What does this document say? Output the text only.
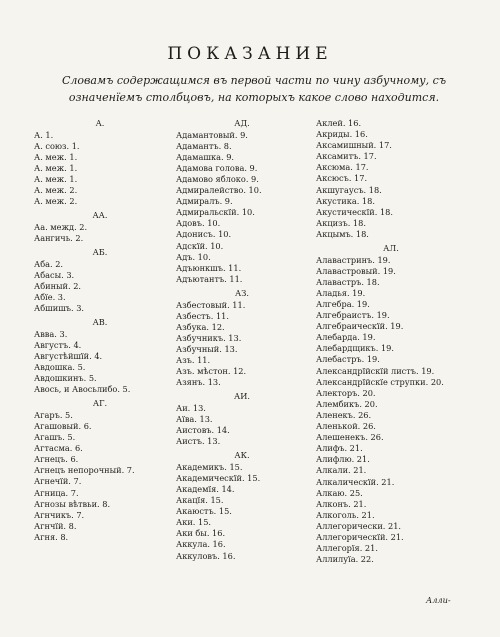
ПОКАЗАНИЕ
Словамъ содержащимся въ первой части по чину азбучному, съ означенїемъ столбцовъ, на которыхъ какое слово находится.
А.
А. 1.
А. союз. 1.
А. меж. 1.
А. меж. 1.
А. меж. 1.
А. меж. 2.
А. меж. 2.
АА.
Аа. межд. 2.
Аангичь. 2.
АБ.
Аба. 2.
Абасы. 3.
Абиный. 2.
Абїе. 3.
Абшишъ. 3.
АВ.
Авва. 3.
Августъ. 4.
Августѣйшїй. 4.
Авдошка. 5.
Авдошкинъ. 5.
Авось, и Авосьлибо. 5.
АГ.
Агаръ. 5.
Агашовый. 6.
Агашъ. 5.
Агтасма. 6.
Агнецъ. 6.
Агнецъ непорочный. 7.
Агнечїй. 7.
Агница. 7.
Агнозы вѣтвьи. 8.
Агнчикъ. 7.
Агнчїй. 8.
Агня. 8.
АД.
Адамантовый. 9.
Адамантъ. 8.
Адамашка. 9.
Адамова голова. 9.
Адамово яблоко. 9.
Адмиралейство. 10.
Адмиралъ. 9.
Адмиральскїй. 10.
Адовъ. 10.
Адонисъ. 10.
Адскїй. 10.
Адъ. 10.
Адъюнкшъ. 11.
Адъютантъ. 11.
АЗ.
Азбестовый. 11.
Азбестъ. 11.
Азбука. 12.
Азбучникъ. 13.
Азбучный. 13.
Азъ. 11.
Азъ. мѣстон. 12.
Азянъ. 13.
АИ.
Аи. 13.
Аїва. 13.
Аистовъ. 14.
Аистъ. 13.
АК.
Академикъ. 15.
Академическїй. 15.
Академїя. 14.
Акацїя. 15.
Акаюстъ. 15.
Аки. 15.
Аки бы. 16.
Аккула. 16.
Аккуловъ. 16.
Аклей. 16.
Акриды. 16.
Аксамишный. 17.
Аксамитъ. 17.
Аксюма. 17.
Аксюсъ. 17.
Акшугаусъ. 18.
Акустика. 18.
Акустическїй. 18.
Акцизъ. 18.
Акцымъ. 18.
АЛ.
Алавастринъ. 19.
Алавастровый. 19.
Алавастръ. 18.
Аладья. 19.
Алгебра. 19.
Алгебраистъ. 19.
Алгебраическїй. 19.
Алебарда. 19.
Алебардщикъ. 19.
Алебастръ. 19.
Александрїйскїй листъ. 19.
Александрїйскїе струпки. 20.
Алекторъ. 20.
Алембикъ. 20.
Аленекъ. 26.
Аленькой. 26.
Алешенекъ. 26.
Алифъ. 21.
Алифлю. 21.
Алкали. 21.
Алкалическїй. 21.
Алкаю. 25.
Алконъ. 21.
Алкоголь. 21.
Аллегорически. 21.
Аллегорическїй. 21.
Аллегорїя. 21.
Аллилуїа. 22.
Алли-
